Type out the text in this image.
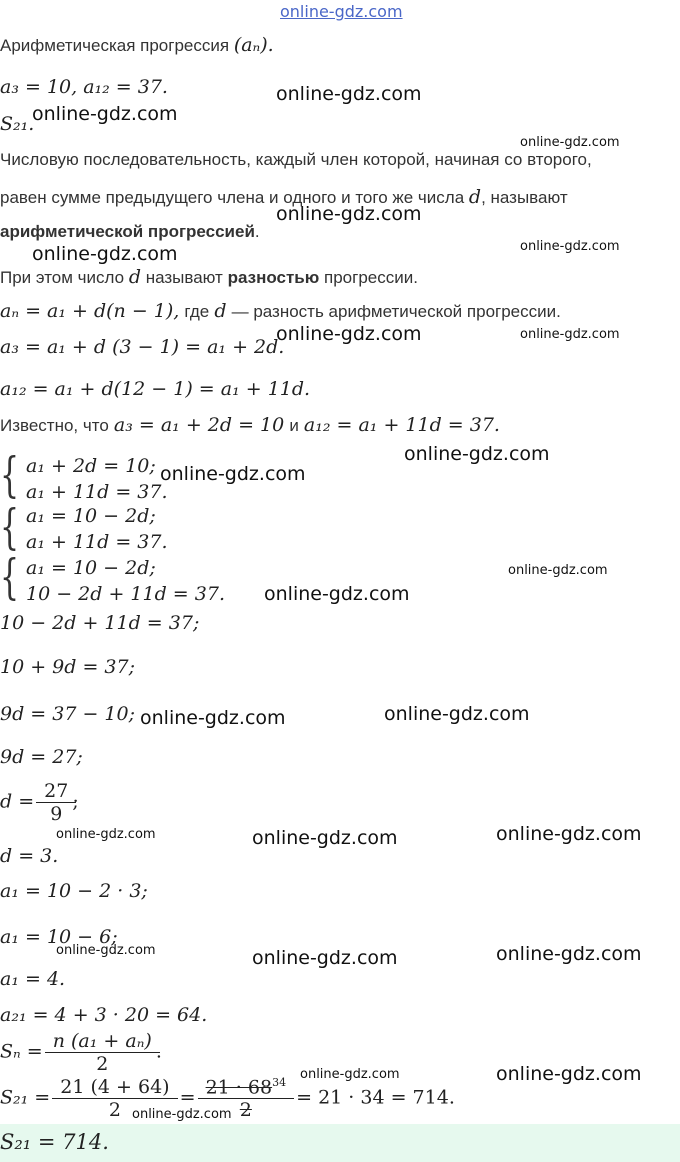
online-gdz.com
Арифметическая прогрессия (aₙ).
a₃ = 10, a₁₂ = 37.
S₂₁.
Числовую последовательность, каждый член которой, начиная со второго,
равен сумме предыдущего члена и одного и того же числа d, называют
арифметической прогрессией.
При этом число d называют разностью прогрессии.
aₙ = a₁ + d(n − 1), где d — разность арифметической прогрессии.
a₃ = a₁ + d (3 − 1) = a₁ + 2d.
a₁₂ = a₁ + d(12 − 1) = a₁ + 11d.
Известно, что a₃ = a₁ + 2d = 10 и a₁₂ = a₁ + 11d = 37.
{ a₁ + 2d = 10;
a₁ + 11d = 37.
{ a₁ = 10 − 2d;
a₁ + 11d = 37.
{ a₁ = 10 − 2d;
10 − 2d + 11d = 37.
10 − 2d + 11d = 37;
10 + 9d = 37;
9d = 37 − 10;
9d = 27;
$d = \frac{27}{9}$ ;
d = 3.
a₁ = 10 − 2 · 3;
a₁ = 10 − 6;
a₁ = 4.
a₂₁ = 4 + 3 · 20 = 64.
$S_n = \frac{\text{n (a₁ + aₙ)}}{2}$ .
$S_{21} = \frac{21 (4 + 64)}{2} = \frac{21 \cdot 68^{34}}{2} = 21 \cdot 34 = 714$.
S₂₁ = 714.
online-gdz.com
online-gdz.com
online-gdz.com
online-gdz.com
online-gdz.com	online-gdz.com
online-gdz.com	online-gdz.com
online-gdz.com
online-gdz.com
online-gdz.com
online-gdz.com
online-gdz.com
online-gdz.com
online-gdz.com	online-gdz.com	online-gdz.com
online-gdz.com	online-gdz.com	online-gdz.com
online-gdz.com	online-gdz.com
online-gdz.com
